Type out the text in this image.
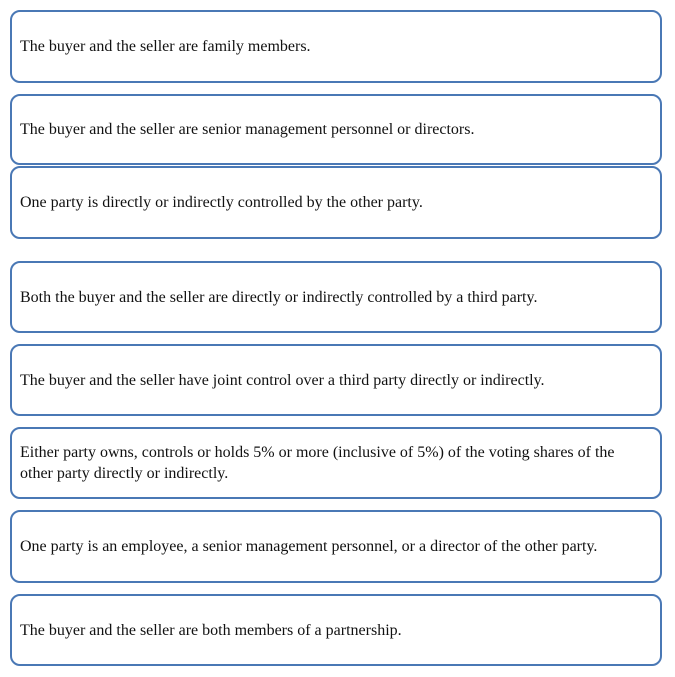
The buyer and the seller are family members.
The buyer and the seller are senior management personnel or directors.
One party is directly or indirectly controlled by the other party.
Both the buyer and the seller are directly or indirectly controlled by a third party.
The buyer and the seller have joint control over a third party directly or indirectly.
Either party owns, controls or holds 5% or more (inclusive of 5%) of the voting shares of the other party directly or indirectly.
One party is an employee, a senior management personnel, or a director of the other party.
The buyer and the seller are both members of a partnership.
